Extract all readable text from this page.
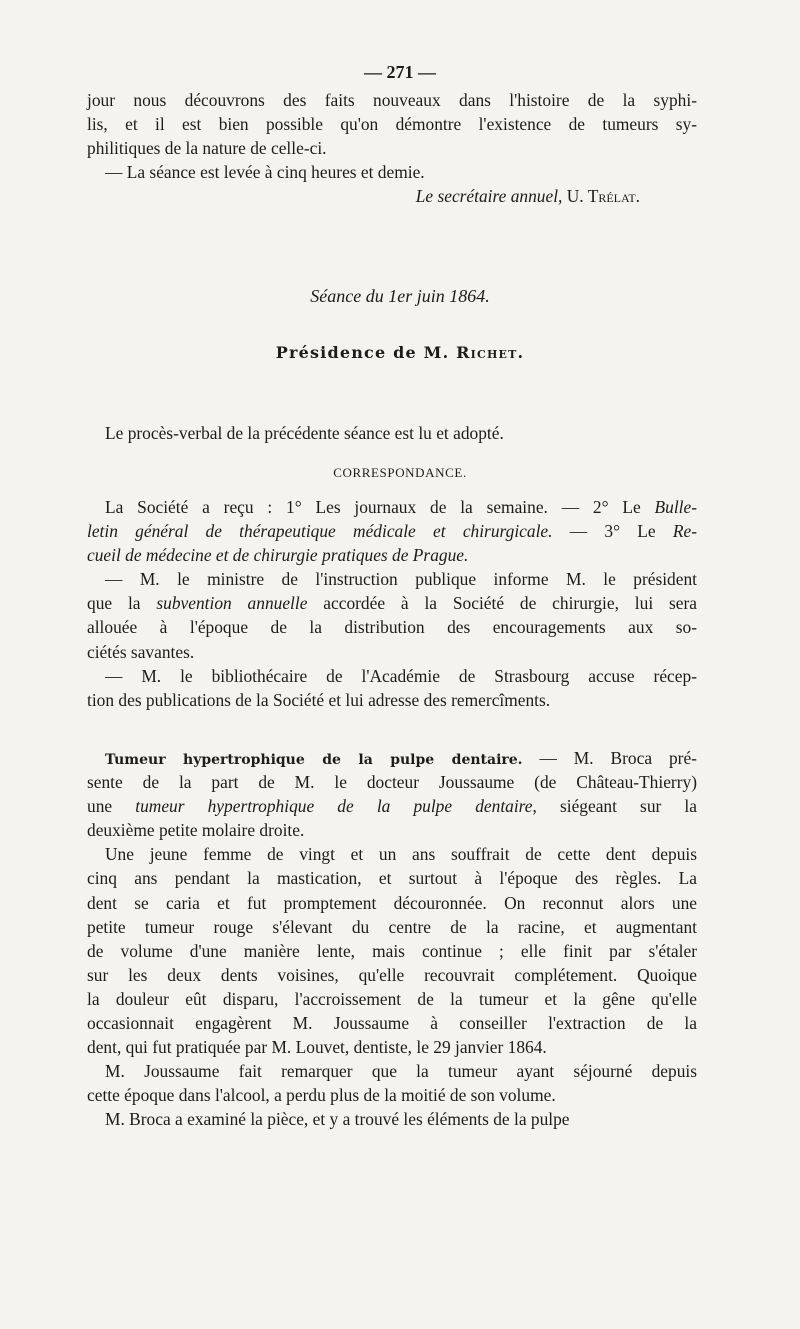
— 271 —
jour nous découvrons des faits nouveaux dans l'histoire de la syphi-
lis, et il est bien possible qu'on démontre l'existence de tumeurs sy-
philitiques de la nature de celle-ci.
— La séance est levée à cinq heures et demie.
Le secrétaire annuel, U. Trélat.
Séance du 1er juin 1864.
Présidence de M. Richet.
Le procès-verbal de la précédente séance est lu et adopté.
CORRESPONDANCE.
La Société a reçu : 1° Les journaux de la semaine. — 2° Le Bulle-
letin général de thérapeutique médicale et chirurgicale. — 3° Le Re-
cueil de médecine et de chirurgie pratiques de Prague.
— M. le ministre de l'instruction publique informe M. le président
que la subvention annuelle accordée à la Société de chirurgie, lui sera
allouée à l'époque de la distribution des encouragements aux so-
ciétés savantes.
— M. le bibliothécaire de l'Académie de Strasbourg accuse récep-
tion des publications de la Société et lui adresse des remercîments.
Tumeur hypertrophique de la pulpe dentaire. — M. Broca pré-
sente de la part de M. le docteur Joussaume (de Château-Thierry)
une tumeur hypertrophique de la pulpe dentaire, siégeant sur la
deuxième petite molaire droite.
Une jeune femme de vingt et un ans souffrait de cette dent depuis
cinq ans pendant la mastication, et surtout à l'époque des règles. La
dent se caria et fut promptement découronnée. On reconnut alors une
petite tumeur rouge s'élevant du centre de la racine, et augmentant
de volume d'une manière lente, mais continue ; elle finit par s'étaler
sur les deux dents voisines, qu'elle recouvrait complétement. Quoique
la douleur eût disparu, l'accroissement de la tumeur et la gêne qu'elle
occasionnait engagèrent M. Joussaume à conseiller l'extraction de la
dent, qui fut pratiquée par M. Louvet, dentiste, le 29 janvier 1864.
M. Joussaume fait remarquer que la tumeur ayant séjourné depuis
cette époque dans l'alcool, a perdu plus de la moitié de son volume.
M. Broca a examiné la pièce, et y a trouvé les éléments de la pulpe
